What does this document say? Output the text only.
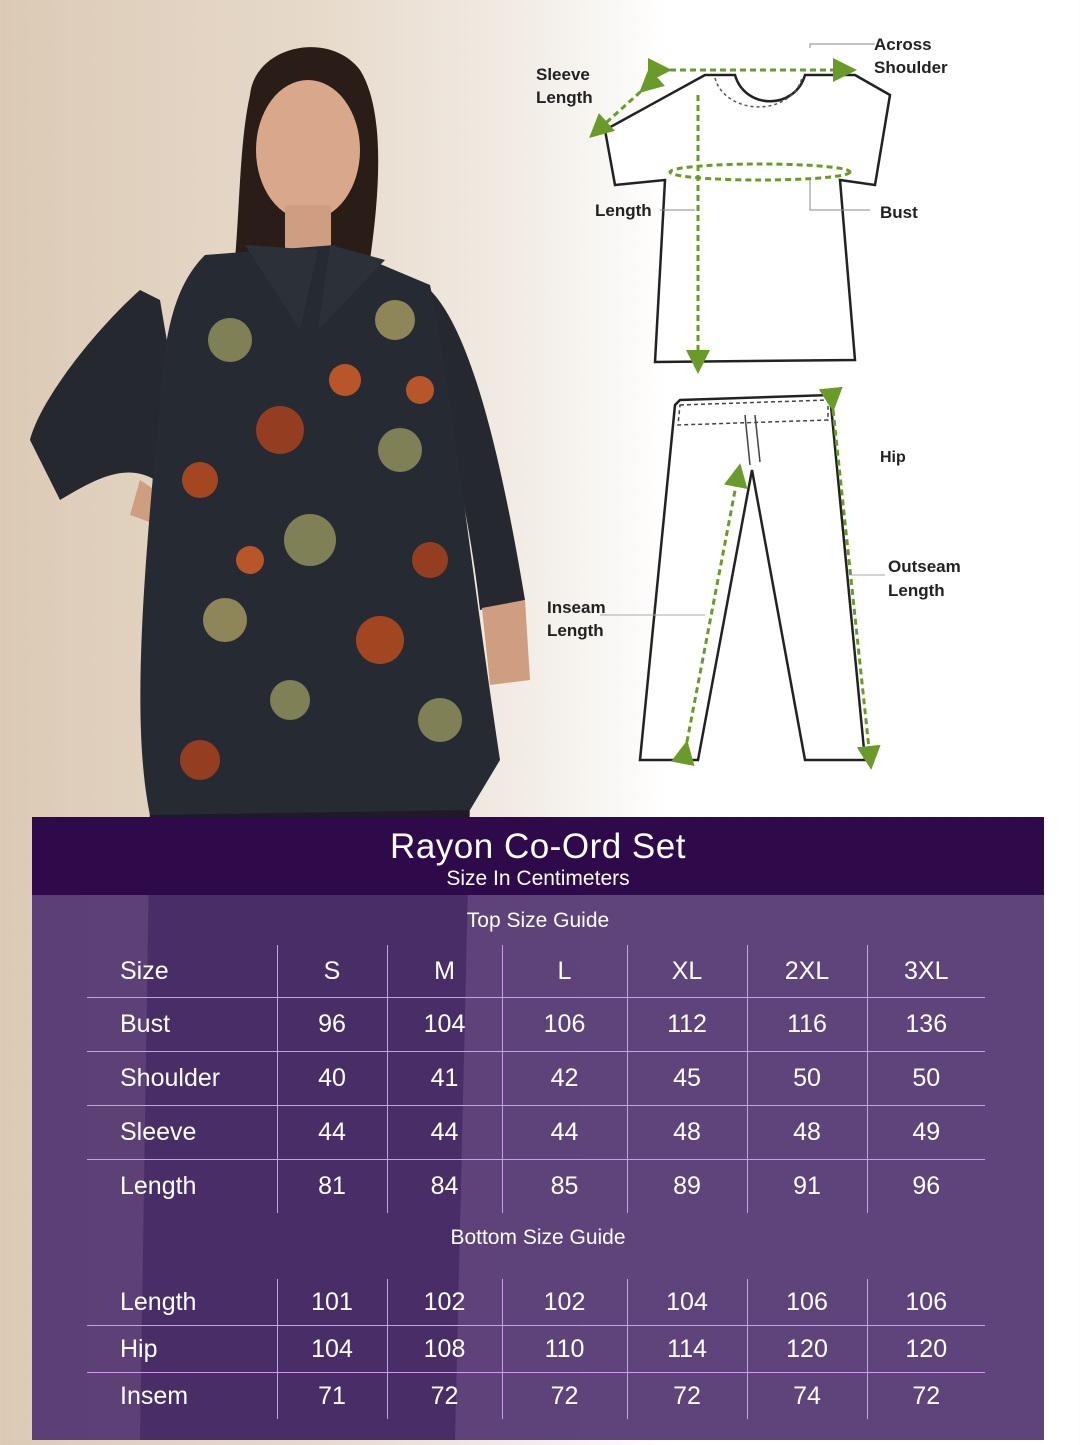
Sleeve
Length
Across
Shoulder
Length	Bust
Hip
Outseam
Length
Inseam
Length
Rayon Co-Ord Set
Size In Centimeters
Top Size Guide
Size	S	M	L	XL	2XL	3XL
Bust	96	104	106	112	116	136
Shoulder	40	41	42	45	50	50
Sleeve	44	44	44	48	48	49
Length	81	84	85	89	91	96
Bottom Size Guide
Length	101	102	102	104	106	106
Hip	104	108	110	114	120	120
Insem	71	72	72	72	74	72
